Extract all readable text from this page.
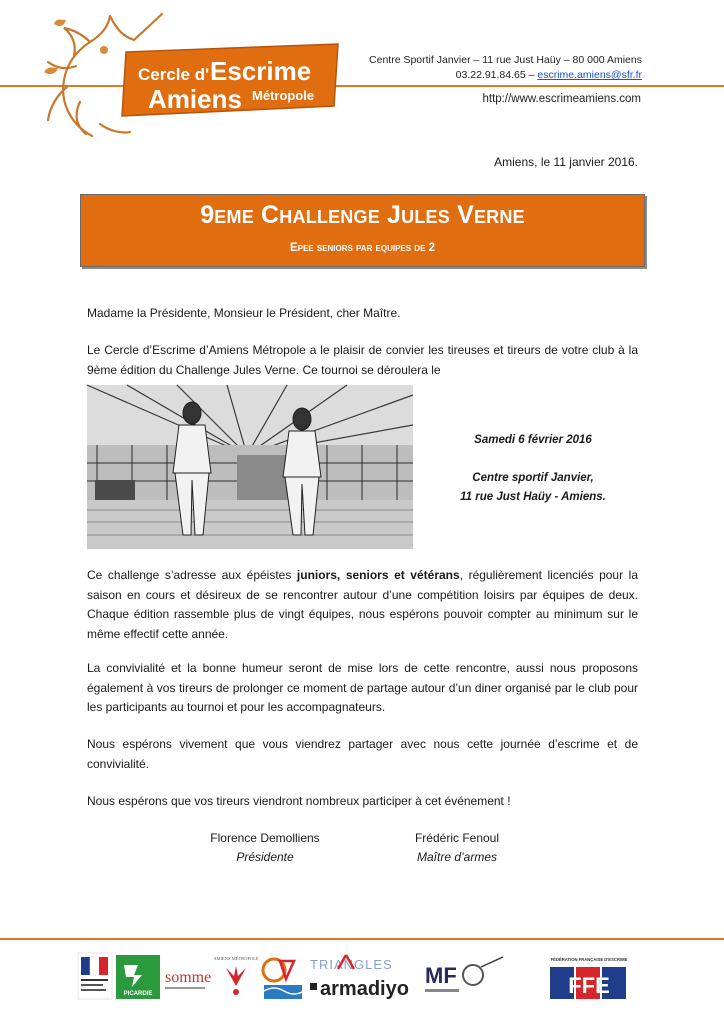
Cercle d' Escrime
Amiens Métropole
Centre Sportif Janvier – 11 rue Just Haüy – 80 000 Amiens
03.22.91.84.65 – escrime.amiens@sfr.fr
http://www.escrimeamiens.com
Amiens, le 11 janvier 2016.
9eme Challenge Jules Verne
Epee seniors par equipes de 2
Madame la Présidente, Monsieur le Président, cher Maître.
Le Cercle d’Escrime d’Amiens Métropole a le plaisir de convier les tireuses et tireurs de votre club à la 9ème édition du Challenge Jules Verne. Ce tournoi se déroulera le
Samedi 6 février 2016
Centre sportif Janvier,
11 rue Just Haüy - Amiens.
Ce challenge s’adresse aux épéistes juniors, seniors et vétérans, régulièrement licenciés pour la saison en cours et désireux de se rencontrer autour d’une compétition loisirs par équipes de deux. Chaque édition rassemble plus de vingt équipes, nous espérons pouvoir compter au minimum sur le même effectif cette année.
La convivialité et la bonne humeur seront de mise lors de cette rencontre, aussi nous proposons également à vos tireurs de prolonger ce moment de partage autour d’un diner organisé par le club pour les participants au tournoi et pour les accompagnateurs.
Nous espérons vivement que vous viendrez partager avec nous cette journée d’escrime et de convivialité.
Nous espérons que vos tireurs viendront nombreux participer à cet événement !
Florence Demolliens
Présidente
Frédéric Fenoul
Maître d’armes
PICARDIE
somme
AMIENS MÉTROPOLE	TRIANGLES
armadiyo
MF
FÉDÉRATION FRANÇAISE D'ESCRIME
FFE
